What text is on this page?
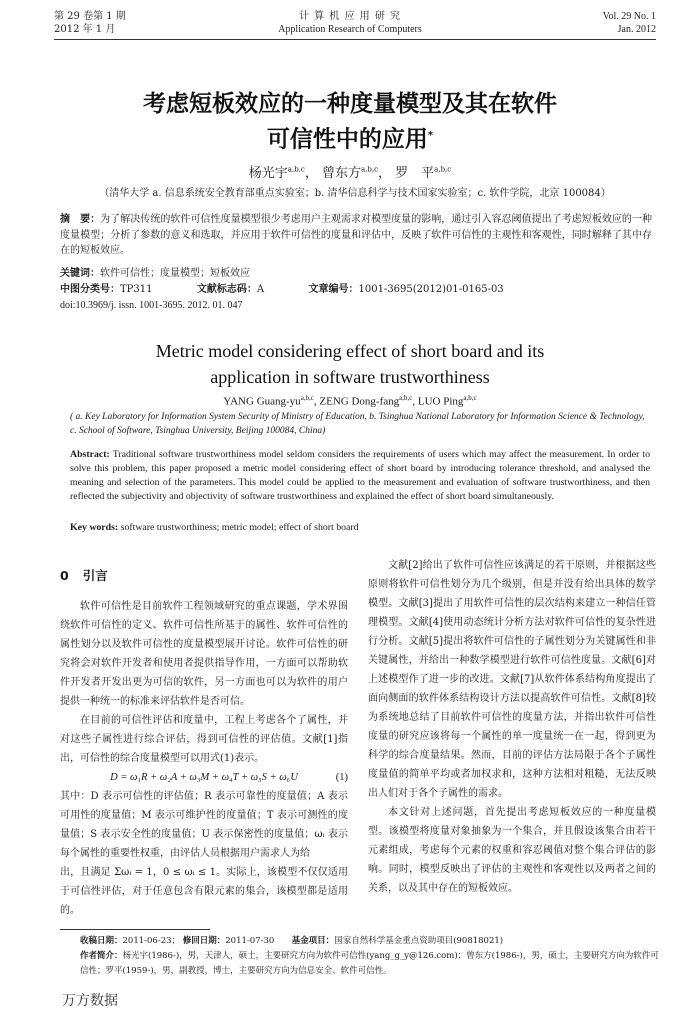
第 29 卷第 1 期
2012 年 1 月
计 算 机 应 用 研 究
Application Research of Computers
Vol. 29 No. 1
Jan. 2012
考虑短板效应的一种度量模型及其在软件
可信性中的应用*
杨光宇$^{a,b,c}$， 曾东方$^{a,b,c}$， 罗　平$^{a,b,c}$
（清华大学 a. 信息系统安全教育部重点实验室；b. 清华信息科学与技术国家实验室；c. 软件学院，北京 100084）
摘　要：为了解决传统的软件可信性度量模型很少考虑用户主观需求对模型度量的影响，通过引入容忍阈值提出了考虑短板效应的一种度量模型；分析了参数的意义和选取，并应用于软件可信性的度量和评估中，反映了软件可信性的主观性和客观性，同时解释了其中存在的短板效应。
关键词：软件可信性；度量模型；短板效应
中图分类号：TP311	文献标志码：A	文章编号：1001-3695(2012)01-0165-03
doi:10.3969/j. issn. 1001-3695. 2012. 01. 047
Metric model considering effect of short board and its
application in software trustworthiness
YANG Guang-yu$^{a,b,c}$, ZENG Dong-fang$^{a,b,c}$, LUO Ping$^{a,b,c}$
( a. Key Laboratory for Information System Security of Ministry of Education, b. Tsinghua National Laboratory for Information Science & Technology, c. School of Software, Tsinghua University, Beijing 100084, China)
Abstract: Traditional software trustworthiness model seldom considers the requirements of users which may affect the measurement. In order to solve this problem, this paper proposed a metric model considering effect of short board by introducing tolerance threshold, and analysed the meaning and selection of the parameters. This model could be applied to the measurement and evaluation of software trustworthiness, and then reflected the subjectivity and objectivity of software trustworthiness and explained the effect of short board simultaneously.
Key words: software trustworthiness; metric model; effect of short board
0 引言

软件可信性是目前软件工程领域研究的重点课题，学术界围绕软件可信性的定义、软件可信性所基于的属性、软件可信性的属性划分以及软件可信性的度量模型展开讨论。软件可信性的研究将会对软件开发者和使用者提供指导作用，一方面可以帮助软件开发者开发出更为可信的软件，另一方面也可以为软件的用户提供一种统一的标准来评估软件是否可信。

在目前的可信性评估和度量中，工程上考虑各个了属性，并对这些子属性进行综合评估，得到可信性的评估值。文献[1]指出，可信性的综合度量模型可以用式(1)表示。

D = ω₁R + ω₂A + ω₃M + ω₄T + ω₅S + ω₆U	(1)

其中：D 表示可信性的评估值；R 表示可靠性的度量值；A 表示可用性的度量值；M 表示可维护性的度量值；T 表示可测性的度量值；S 表示安全性的度量值；U 表示保密性的度量值；ωᵢ 表示每个属性的重要性权重，由评估人员根据用户需求人为给

出，且满足 Σωᵢ = 1，0 ≤ ωᵢ ≤ 1。实际上，该模型不仅仅适用于可信性评估，对于任意包含有限元素的集合，该模型都是适用的。

文献[2]给出了软件可信性应该满足的若干原则，并根据这些原则将软件可信性划分为几个级别，但是并没有给出具体的数学模型。文献[3]提出了用软件可信性的层次结构来建立一种信任管理模型。文献[4]使用动态统计分析方法对软件可信性的复杂性进行分析。文献[5]提出将软件可信性的子属性划分为关键属性和非关键属性，并给出一种数学模型进行软件可信性度量。文献[6]对上述模型作了进一步的改进。文献[7]从软件体系结构角度提出了面向侧面的软件体系结构设计方法以提高软件可信性。文献[8]较为系统地总结了目前软件可信性的度量方法，并指出软件可信性度量的研究应该将每一个属性的单一度量统一在一起，得到更为科学的综合度量结果。然而，目前的评估方法局限于各个子属性度量值的简单平均或者加权求和，这种方法相对粗糙，无法反映出人们对于各个子属性的需求。

本文针对上述问题，首先提出考虑短板效应的一种度量模型。该模型将度量对象抽象为一个集合，并且假设该集合由若干元素组成，考虑每个元素的权重和容忍阈值对整个集合评估的影响。同时，模型反映出了评估的主观性和客观性以及两者之间的关系，以及其中存在的短板效应。

收稿日期：2011-06-23； 修回日期：2011-07-30 基金项目：国家自然科学基金重点资助项目(90818021)
作者简介：杨光宇(1986-)，男，天津人，硕士，主要研究方向为软件可信性(yang_g_y@126.com)；曾东方(1986-)，男，硕士，主要研究方向为软件可信性；罗平(1959-)，男，副教授，博士，主要研究方向为信息安全、软件可信性。
万方数据
